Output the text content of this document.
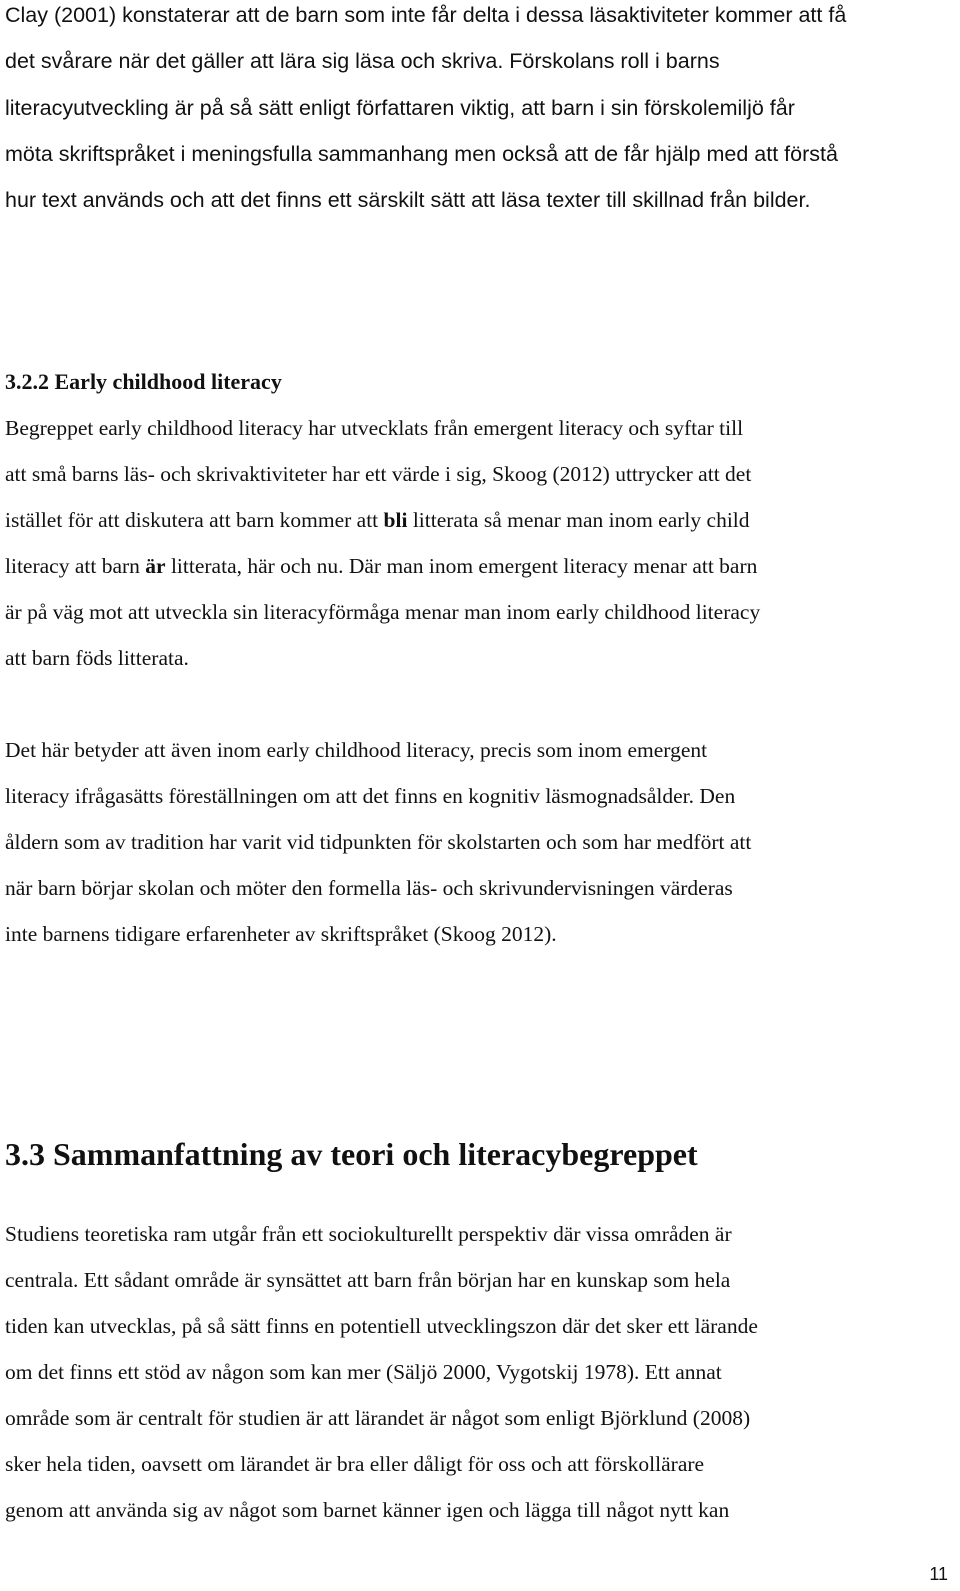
Clay (2001) konstaterar att de barn som inte får delta i dessa läsaktiviteter kommer att få
det svårare när det gäller att lära sig läsa och skriva. Förskolans roll i barns
literacyutveckling är på så sätt enligt författaren viktig, att barn i sin förskolemiljö får
möta skriftspråket i meningsfulla sammanhang men också att de får hjälp med att förstå
hur text används och att det finns ett särskilt sätt att läsa texter till skillnad från bilder.
3.2.2 Early childhood literacy
Begreppet early childhood literacy har utvecklats från emergent literacy och syftar till
att små barns läs- och skrivaktiviteter har ett värde i sig, Skoog (2012) uttrycker att det
istället för att diskutera att barn kommer att bli litterata så menar man inom early child
literacy att barn är litterata, här och nu. Där man inom emergent literacy menar att barn
är på väg mot att utveckla sin literacyförmåga menar man inom early childhood literacy
att barn föds litterata.
Det här betyder att även inom early childhood literacy, precis som inom emergent
literacy ifrågasätts föreställningen om att det finns en kognitiv läsmognadsålder. Den
åldern som av tradition har varit vid tidpunkten för skolstarten och som har medfört att
när barn börjar skolan och möter den formella läs- och skrivundervisningen värderas
inte barnens tidigare erfarenheter av skriftspråket (Skoog 2012).
3.3 Sammanfattning av teori och literacybegreppet
Studiens teoretiska ram utgår från ett sociokulturellt perspektiv där vissa områden är
centrala. Ett sådant område är synsättet att barn från början har en kunskap som hela
tiden kan utvecklas, på så sätt finns en potentiell utvecklingszon där det sker ett lärande
om det finns ett stöd av någon som kan mer (Säljö 2000, Vygotskij 1978). Ett annat
område som är centralt för studien är att lärandet är något som enligt Björklund (2008)
sker hela tiden, oavsett om lärandet är bra eller dåligt för oss och att förskollärare
genom att använda sig av något som barnet känner igen och lägga till något nytt kan
11
